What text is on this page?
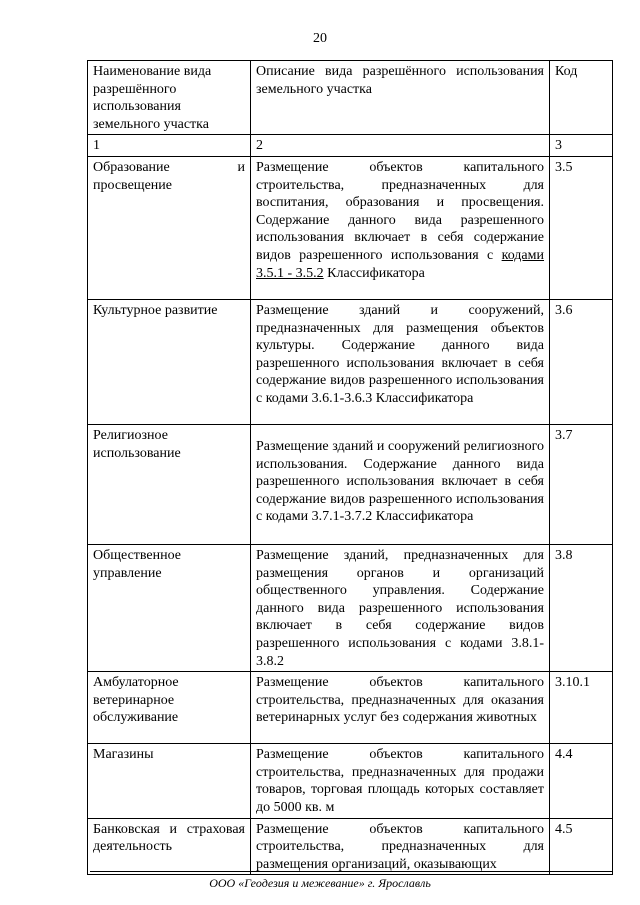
20
Наименование вида разрешённого использования земельного участка	Описание вида разрешённого использования земельного участка	Код
1	2	3
Образование и просвещение	Размещение объектов капитального строительства, предназначенных для воспитания, образования и просвещения. Содержание данного вида разрешенного использования включает в себя содержание видов разрешенного использования с кодами 3.5.1 - 3.5.2 Классификатора	3.5
Культурное развитие	Размещение зданий и сооружений, предназначенных для размещения объектов культуры. Содержание данного вида разрешенного использования включает в себя содержание видов разрешенного использования с кодами 3.6.1-3.6.3 Классификатора	3.6
Религиозное использование	Размещение зданий и сооружений религиозного использования. Содержание данного вида разрешенного использования включает в себя содержание видов разрешенного использования с кодами 3.7.1-3.7.2 Классификатора	3.7
Общественное управление	Размещение зданий, предназначенных для размещения органов и организаций общественного управления. Содержание данного вида разрешенного использования включает в себя содержание видов разрешенного использования с кодами 3.8.1-3.8.2	3.8
Амбулаторное ветеринарное обслуживание	Размещение объектов капитального строительства, предназначенных для оказания ветеринарных услуг без содержания животных	3.10.1
Магазины	Размещение объектов капитального строительства, предназначенных для продажи товаров, торговая площадь которых составляет до 5000 кв. м	4.4
Банковская и страховая деятельность	Размещение объектов капитального строительства, предназначенных для размещения организаций, оказывающих	4.5
ООО «Геодезия и межевание» г. Ярославль
